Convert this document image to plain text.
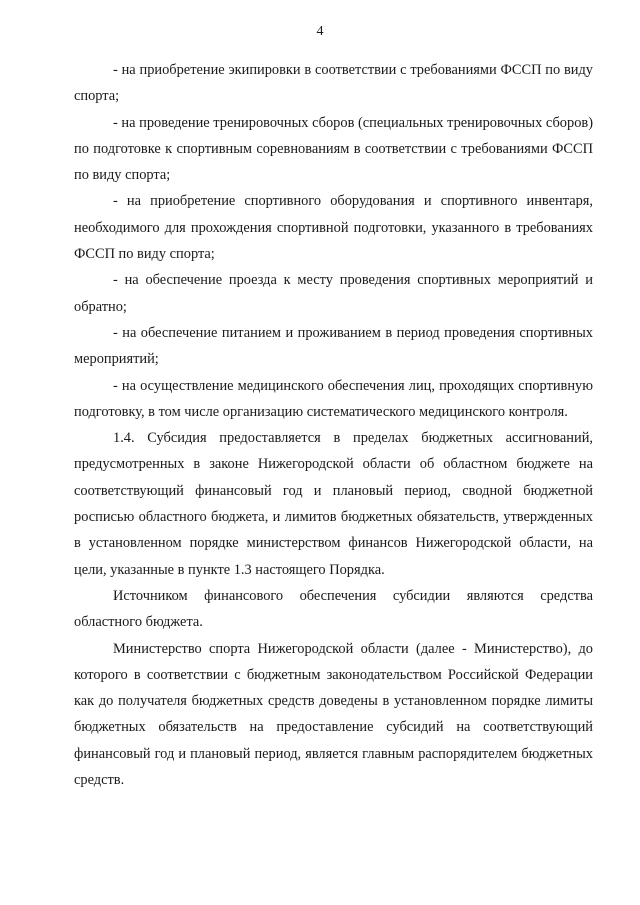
4

- на приобретение экипировки в соответствии с требованиями ФССП по виду спорта;

- на проведение тренировочных сборов (специальных тренировочных сборов) по подготовке к спортивным соревнованиям в соответствии с требованиями ФССП по виду спорта;

- на приобретение спортивного оборудования и спортивного инвентаря, необходимого для прохождения спортивной подготовки, указанного в требованиях ФССП по виду спорта;

- на обеспечение проезда к месту проведения спортивных мероприятий и обратно;

- на обеспечение питанием и проживанием в период проведения спортивных мероприятий;

- на осуществление медицинского обеспечения лиц, проходящих спортивную подготовку, в том числе организацию систематического медицинского контроля.

1.4. Субсидия предоставляется в пределах бюджетных ассигнований, предусмотренных в законе Нижегородской области об областном бюджете на соответствующий финансовый год и плановый период, сводной бюджетной росписью областного бюджета, и лимитов бюджетных обязательств, утвержденных в установленном порядке министерством финансов Нижегородской области, на цели, указанные в пункте 1.3 настоящего Порядка.

Источником финансового обеспечения субсидии являются средства областного бюджета.

Министерство спорта Нижегородской области (далее - Министерство), до которого в соответствии с бюджетным законодательством Российской Федерации как до получателя бюджетных средств доведены в установленном порядке лимиты бюджетных обязательств на предоставление субсидий на соответствующий финансовый год и плановый период, является главным распорядителем бюджетных средств.
